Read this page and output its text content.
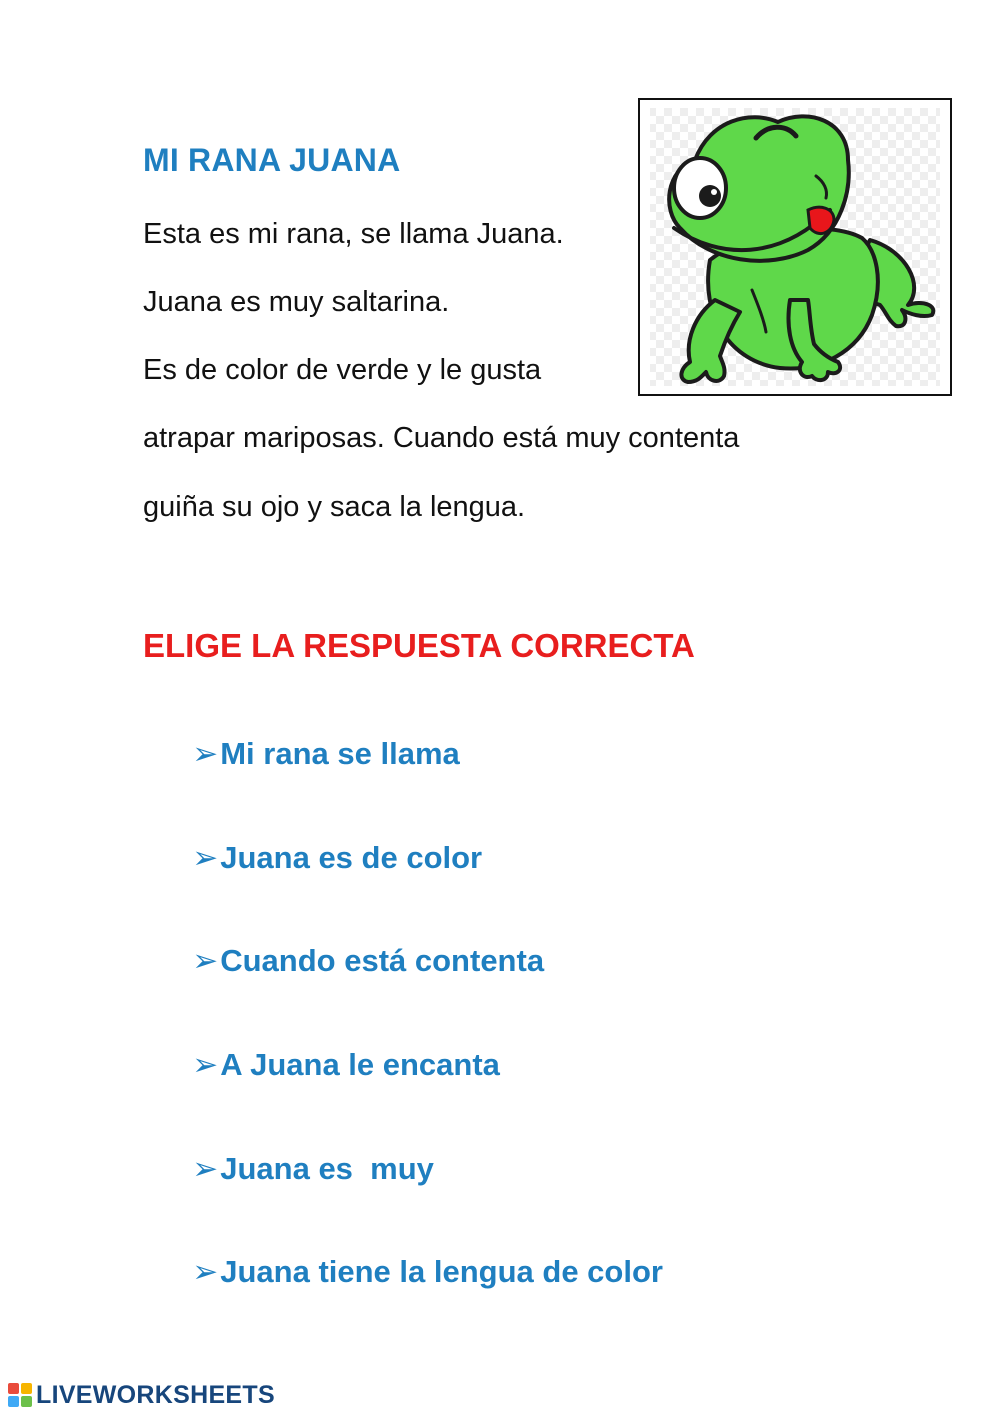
MI RANA JUANA
Esta es mi rana, se llama Juana.
Juana es muy saltarina.
Es de color de verde y le gusta
atrapar mariposas. Cuando está muy contenta
guiña su ojo y saca la lengua.
ELIGE LA RESPUESTA CORRECTA

➢Mi rana se llama

➢Juana es de color

➢Cuando está contenta

➢A Juana le encanta

➢Juana es  muy

➢Juana tiene la lengua de color

LIVEWORKSHEETS
